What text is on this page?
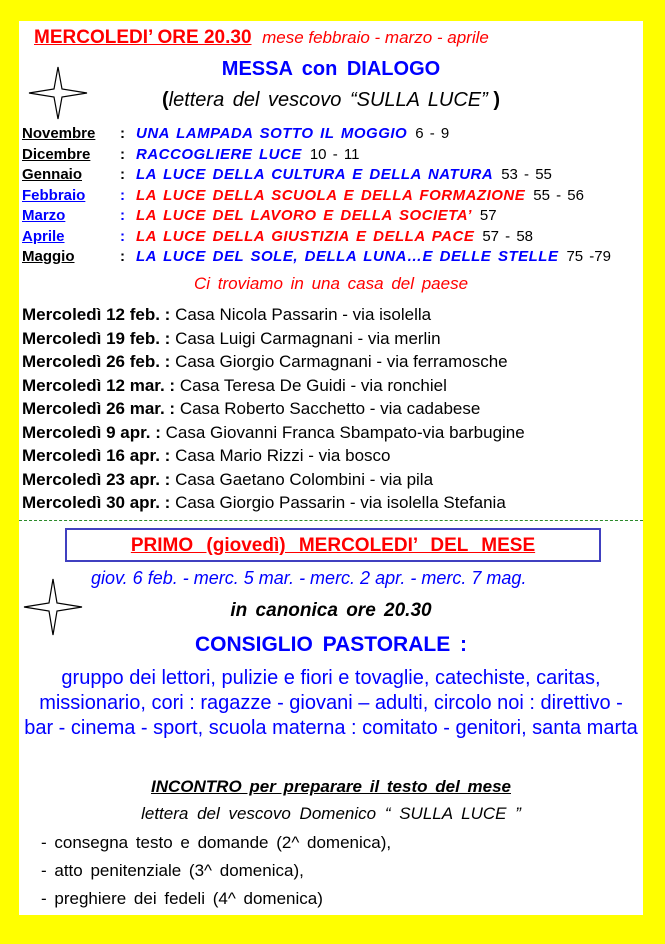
MERCOLEDI’ ORE 20.30 mese febbraio - marzo - aprile
MESSA con DIALOGO
(lettera del vescovo “SULLA LUCE” )
Novembre : UNA LAMPADA SOTTO IL MOGGIO 6 - 9
Dicembre : RACCOGLIERE LUCE 10 - 11
Gennaio	: LA LUCE DELLA CULTURA E DELLA NATURA 53 - 55
Febbraio : LA LUCE DELLA SCUOLA E DELLA FORMAZIONE 55 - 56
Marzo	: LA LUCE DEL LAVORO E DELLA SOCIETA’ 57
Aprile	: LA LUCE DELLA GIUSTIZIA E DELLA PACE 57 - 58
Maggio	: LA LUCE DEL SOLE, DELLA LUNA…E DELLE STELLE 75 -79
Ci troviamo in una casa del paese
Mercoledì 12 feb. : Casa Nicola Passarin - via isolella
Mercoledì 19 feb. : Casa Luigi Carmagnani - via merlin
Mercoledì 26 feb. : Casa Giorgio Carmagnani - via ferramosche
Mercoledì 12 mar. : Casa Teresa De Guidi - via ronchiel
Mercoledì 26 mar. : Casa Roberto Sacchetto - via cadabese
Mercoledì 9 apr. : Casa Giovanni Franca Sbampato-via barbugine
Mercoledì 16 apr. : Casa Mario Rizzi - via bosco
Mercoledì 23 apr. : Casa Gaetano Colombini - via pila
Mercoledì 30 apr. : Casa Giorgio Passarin - via isolella Stefania
PRIMO (giovedì) MERCOLEDI’ DEL MESE
giov. 6 feb. - merc. 5 mar. - merc. 2 apr. - merc. 7 mag.
in canonica ore 20.30
CONSIGLIO PASTORALE :
gruppo dei lettori, pulizie e fiori e tovaglie, catechiste, caritas, missionario, cori : ragazze - giovani – adulti, circolo noi : direttivo - bar - cinema - sport, scuola materna : comitato - genitori, santa marta
INCONTRO per preparare il testo del mese
lettera del vescovo Domenico “ SULLA LUCE ”
- consegna testo e domande (2^ domenica),
- atto penitenziale (3^ domenica),
- preghiere dei fedeli (4^ domenica)
